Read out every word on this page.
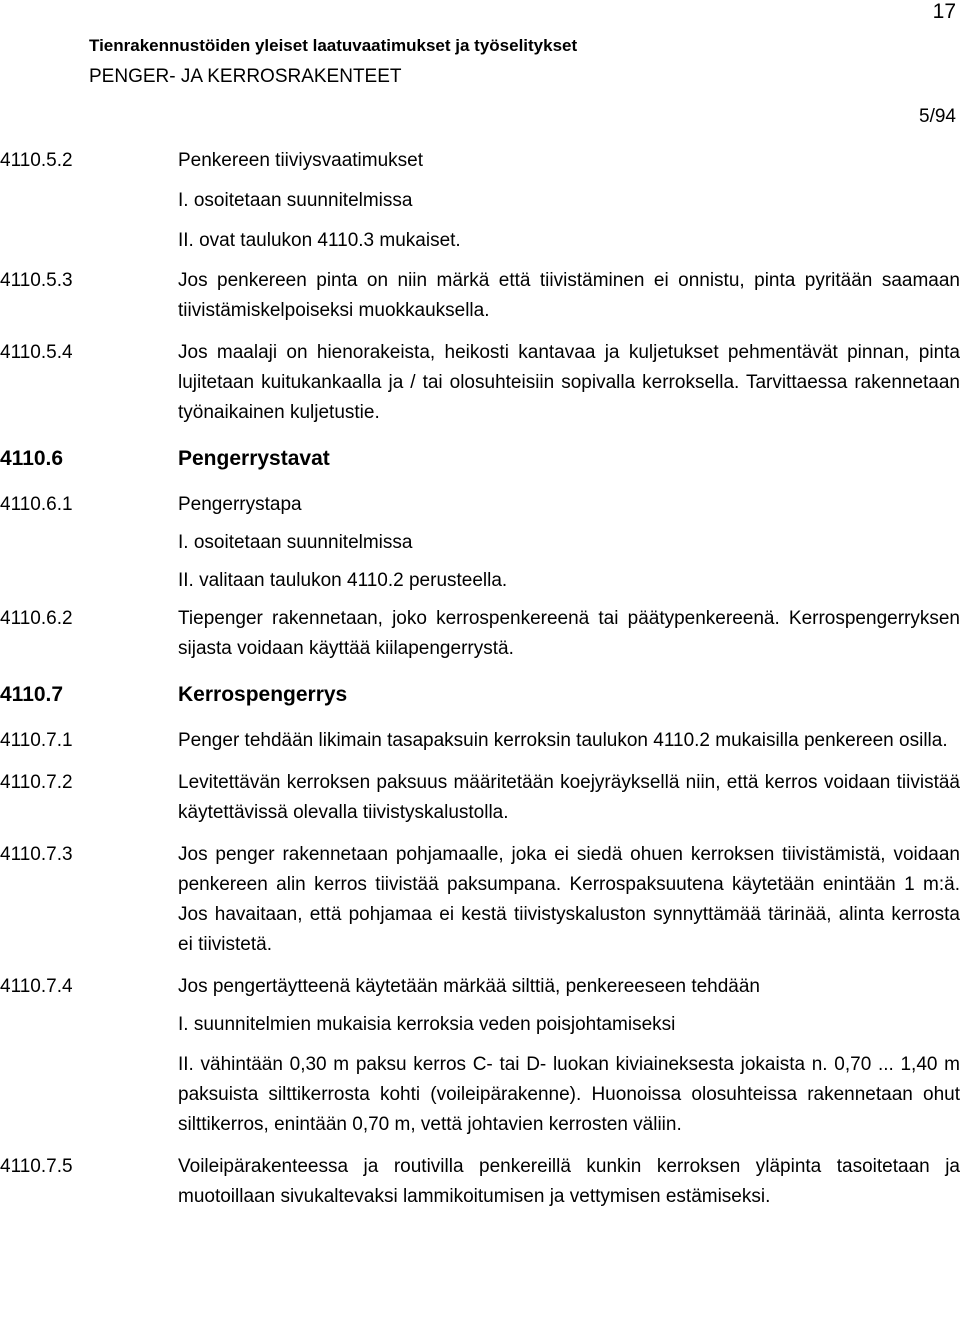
17
Tienrakennustöiden yleiset laatuvaatimukset ja työselitykset
PENGER- JA KERROSRAKENTEET
5/94
4110.5.2	Penkereen tiiviysvaatimukset
I. osoitetaan suunnitelmissa
II. ovat taulukon 4110.3 mukaiset.
4110.5.3	Jos penkereen pinta on niin märkä että tiivistäminen ei onnistu, pinta pyritään saamaan tiivistämiskelpoiseksi muokkauksella.
4110.5.4	Jos maalaji on hienorakeista, heikosti kantavaa ja kuljetukset pehmentävät pinnan, pinta lujitetaan kuitukankaalla ja / tai olosuhteisiin sopivalla kerroksella. Tarvittaessa rakennetaan työnaikainen kuljetustie.
4110.6	Pengerrystavat
4110.6.1	Pengerrystapa
I. osoitetaan suunnitelmissa
II. valitaan taulukon 4110.2 perusteella.
4110.6.2	Tiepenger rakennetaan, joko kerrospenkereenä tai päätypenkereenä. Kerrospengerryksen sijasta voidaan käyttää kiilapengerrystä.
4110.7	Kerrospengerrys
4110.7.1	Penger tehdään likimain tasapaksuin kerroksin taulukon 4110.2 mukaisilla penkereen osilla.
4110.7.2	Levitettävän kerroksen paksuus määritetään koejyräyksellä niin, että kerros voidaan tiivistää käytettävissä olevalla tiivistyskalustolla.
4110.7.3	Jos penger rakennetaan pohjamaalle, joka ei siedä ohuen kerroksen tiivistämistä, voidaan penkereen alin kerros tiivistää paksumpana. Kerrospaksuutena käytetään enintään 1 m:ä. Jos havaitaan, että pohjamaa ei kestä tiivistyskaluston synnyttämää tärinää, alinta kerrosta ei tiivistetä.
4110.7.4	Jos pengertäytteenä käytetään märkää silttiä, penkereeseen tehdään
I. suunnitelmien mukaisia kerroksia veden poisjohtamiseksi
II. vähintään 0,30 m paksu kerros C- tai D- luokan kiviaineksesta jokaista n. 0,70 ... 1,40 m paksuista silttikerrosta kohti (voileipärakenne). Huonoissa olosuhteissa rakennetaan ohut silttikerros, enintään 0,70 m, vettä johtavien kerrosten väliin.
4110.7.5	Voileipärakenteessa ja routivilla penkereillä kunkin kerroksen yläpinta tasoitetaan ja muotoillaan sivukaltevaksi lammikoitumisen ja vettymisen estämiseksi.
